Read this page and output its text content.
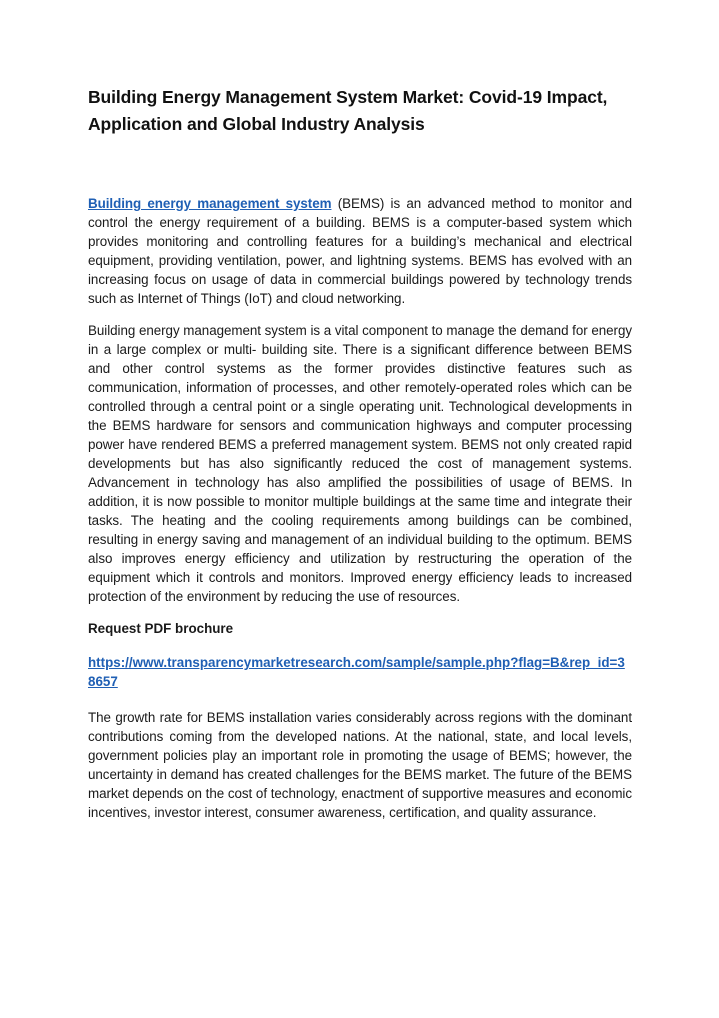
Building Energy Management System Market: Covid-19 Impact, Application and Global Industry Analysis

Building energy management system (BEMS) is an advanced method to monitor and control the energy requirement of a building. BEMS is a computer-based system which provides monitoring and controlling features for a building’s mechanical and electrical equipment, providing ventilation, power, and lightning systems. BEMS has evolved with an increasing focus on usage of data in commercial buildings powered by technology trends such as Internet of Things (IoT) and cloud networking.

Building energy management system is a vital component to manage the demand for energy in a large complex or multi- building site. There is a significant difference between BEMS and other control systems as the former provides distinctive features such as communication, information of processes, and other remotely-operated roles which can be controlled through a central point or a single operating unit. Technological developments in the BEMS hardware for sensors and communication highways and computer processing power have rendered BEMS a preferred management system. BEMS not only created rapid developments but has also significantly reduced the cost of management systems. Advancement in technology has also amplified the possibilities of usage of BEMS. In addition, it is now possible to monitor multiple buildings at the same time and integrate their tasks. The heating and the cooling requirements among buildings can be combined, resulting in energy saving and management of an individual building to the optimum. BEMS also improves energy efficiency and utilization by restructuring the operation of the equipment which it controls and monitors. Improved energy efficiency leads to increased protection of the environment by reducing the use of resources.

Request PDF brochure
https://www.transparencymarketresearch.com/sample/sample.php?flag=B&rep_id=38657

The growth rate for BEMS installation varies considerably across regions with the dominant contributions coming from the developed nations. At the national, state, and local levels, government policies play an important role in promoting the usage of BEMS; however, the uncertainty in demand has created challenges for the BEMS market. The future of the BEMS market depends on the cost of technology, enactment of supportive measures and economic incentives, investor interest, consumer awareness, certification, and quality assurance.
